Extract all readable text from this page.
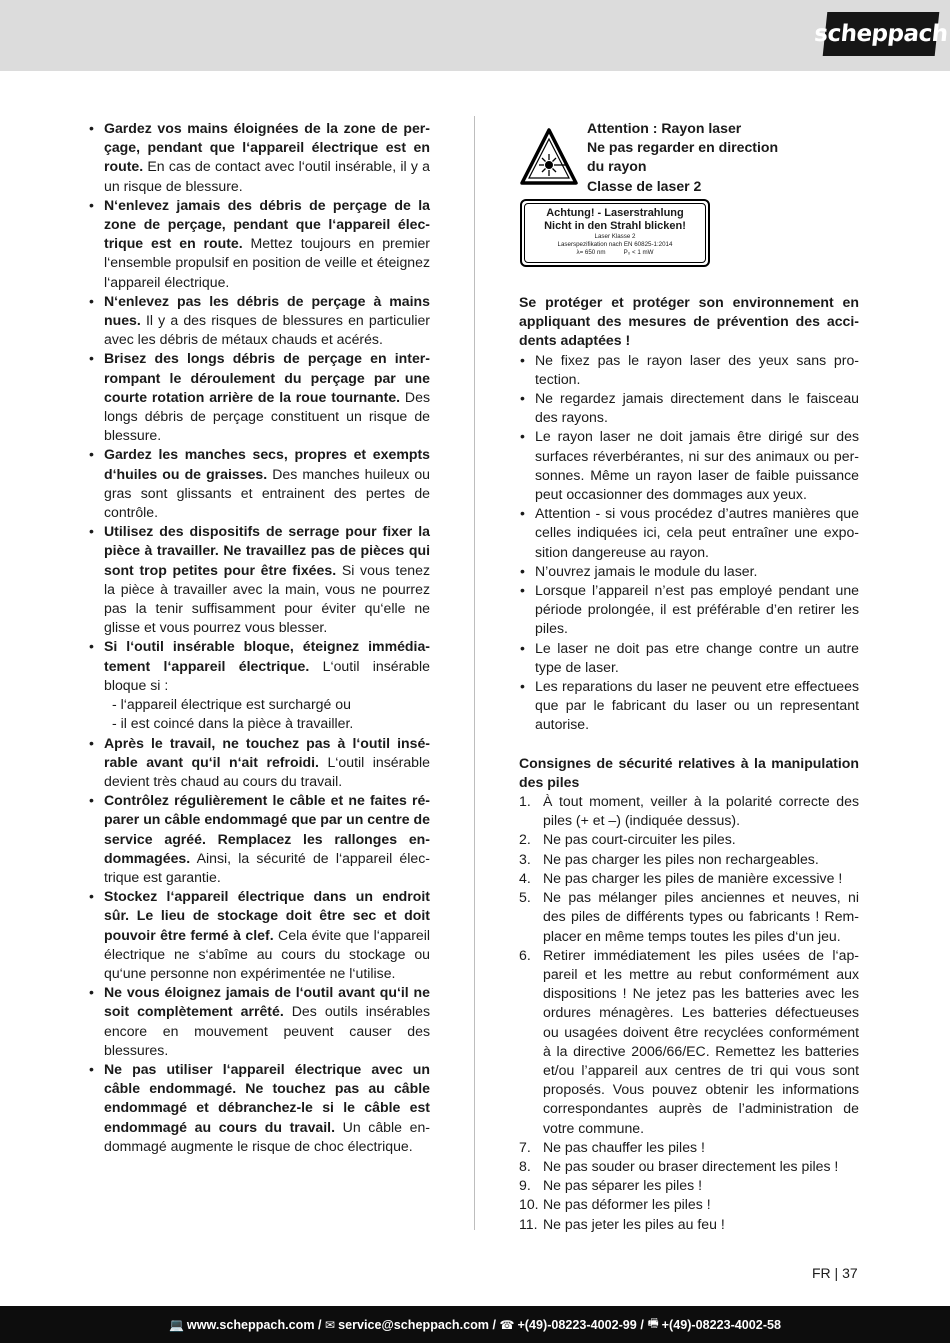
scheppach
• Gardez vos mains éloignées de la zone de perçage, pendant que l‘appareil électrique est en route. En cas de contact avec l‘outil insérable, il y a un risque de blessure.
• N‘enlevez jamais des débris de perçage de la zone de perçage, pendant que l‘appareil électrique est en route. Mettez toujours en premier l‘ensemble propulsif en position de veille et éteignez l‘appareil électrique.
• N‘enlevez pas les débris de perçage à mains nues. Il y a des risques de blessures en particulier avec les débris de métaux chauds et acérés.
• Brisez des longs débris de perçage en interrompant le déroulement du perçage par une courte rotation arrière de la roue tournante. Des longs débris de perçage constituent un risque de blessure.
• Gardez les manches secs, propres et exempts d‘huiles ou de graisses. Des manches huileux ou gras sont glissants et entrainent des pertes de contrôle.
• Utilisez des dispositifs de serrage pour fixer la pièce à travailler. Ne travaillez pas de pièces qui sont trop petites pour être fixées. Si vous tenez la pièce à travailler avec la main, vous ne pourrez pas la tenir suffisamment pour éviter qu‘elle ne glisse et vous pourrez vous blesser.
• Si l‘outil insérable bloque, éteignez immédiatement l‘appareil électrique. L‘outil insérable bloque si :
- l‘appareil électrique est surchargé ou
- il est coincé dans la pièce à travailler.
• Après le travail, ne touchez pas à l‘outil insérable avant qu‘il n‘ait refroidi. L‘outil insérable devient très chaud au cours du travail.
• Contrôlez régulièrement le câble et ne faites réparer un câble endommagé que par un centre de service agréé. Remplacez les rallonges endommagées. Ainsi, la sécurité de l‘appareil électrique est garantie.
• Stockez l‘appareil électrique dans un endroit sûr. Le lieu de stockage doit être sec et doit pouvoir être fermé à clef. Cela évite que l‘appareil électrique ne s‘abîme au cours du stockage ou qu‘une personne non expérimentée ne l‘utilise.
• Ne vous éloignez jamais de l‘outil avant qu‘il ne soit complètement arrêté. Des outils insérables encore en mouvement peuvent causer des blessures.
• Ne pas utiliser l‘appareil électrique avec un câble endommagé. Ne touchez pas au câble endommagé et débranchez-le si le câble est endommagé au cours du travail. Un câble endommagé augmente le risque de choc électrique.
Attention : Rayon laser
Ne pas regarder en direction
du rayon
Classe de laser 2
Achtung! - Laserstrahlung
Nicht in den Strahl blicken!
Laser Klasse 2
Laserspezifikation nach EN 60825-1:2014
λ= 650 nm	P₀ < 1 mW
Se protéger et protéger son environnement en appliquant des mesures de prévention des accidents adaptées !
• Ne fixez pas le rayon laser des yeux sans protection.
• Ne regardez jamais directement dans le faisceau des rayons.
• Le rayon laser ne doit jamais être dirigé sur des surfaces réverbérantes, ni sur des animaux ou personnes. Même un rayon laser de faible puissance peut occasionner des dommages aux yeux.
• Attention - si vous procédez d’autres manières que celles indiquées ici, cela peut entraîner une exposition dangereuse au rayon.
• N’ouvrez jamais le module du laser.
• Lorsque l’appareil n’est pas employé pendant une période prolongée, il est préférable d’en retirer les piles.
• Le laser ne doit pas etre change contre un autre type de laser.
• Les reparations du laser ne peuvent etre effectuees que par le fabricant du laser ou un representant autorise.
Consignes de sécurité relatives à la manipulation des piles
1. À tout moment, veiller à la polarité correcte des piles (+ et –) (indiquée dessus).
2. Ne pas court-circuiter les piles.
3. Ne pas charger les piles non rechargeables.
4. Ne pas charger les piles de manière excessive !
5. Ne pas mélanger piles anciennes et neuves, ni des piles de différents types ou fabricants ! Remplacer en même temps toutes les piles d‘un jeu.
6. Retirer immédiatement les piles usées de l‘appareil et les mettre au rebut conformément aux dispositions ! Ne jetez pas les batteries avec les ordures ménagères. Les batteries défectueuses ou usagées doivent être recyclées conformément à la directive 2006/66/EC. Remettez les batteries et/ou l’appareil aux centres de tri qui vous sont proposés. Vous pouvez obtenir les informations correspondantes auprès de l’administration de votre commune.
7. Ne pas chauffer les piles !
8. Ne pas souder ou braser directement les piles !
9. Ne pas séparer les piles !
10. Ne pas déformer les piles !
11. Ne pas jeter les piles au feu !
FR | 37
💻 www.scheppach.com / ✉ service@scheppach.com / ☎ +(49)-08223-4002-99 / 🖷 +(49)-08223-4002-58
